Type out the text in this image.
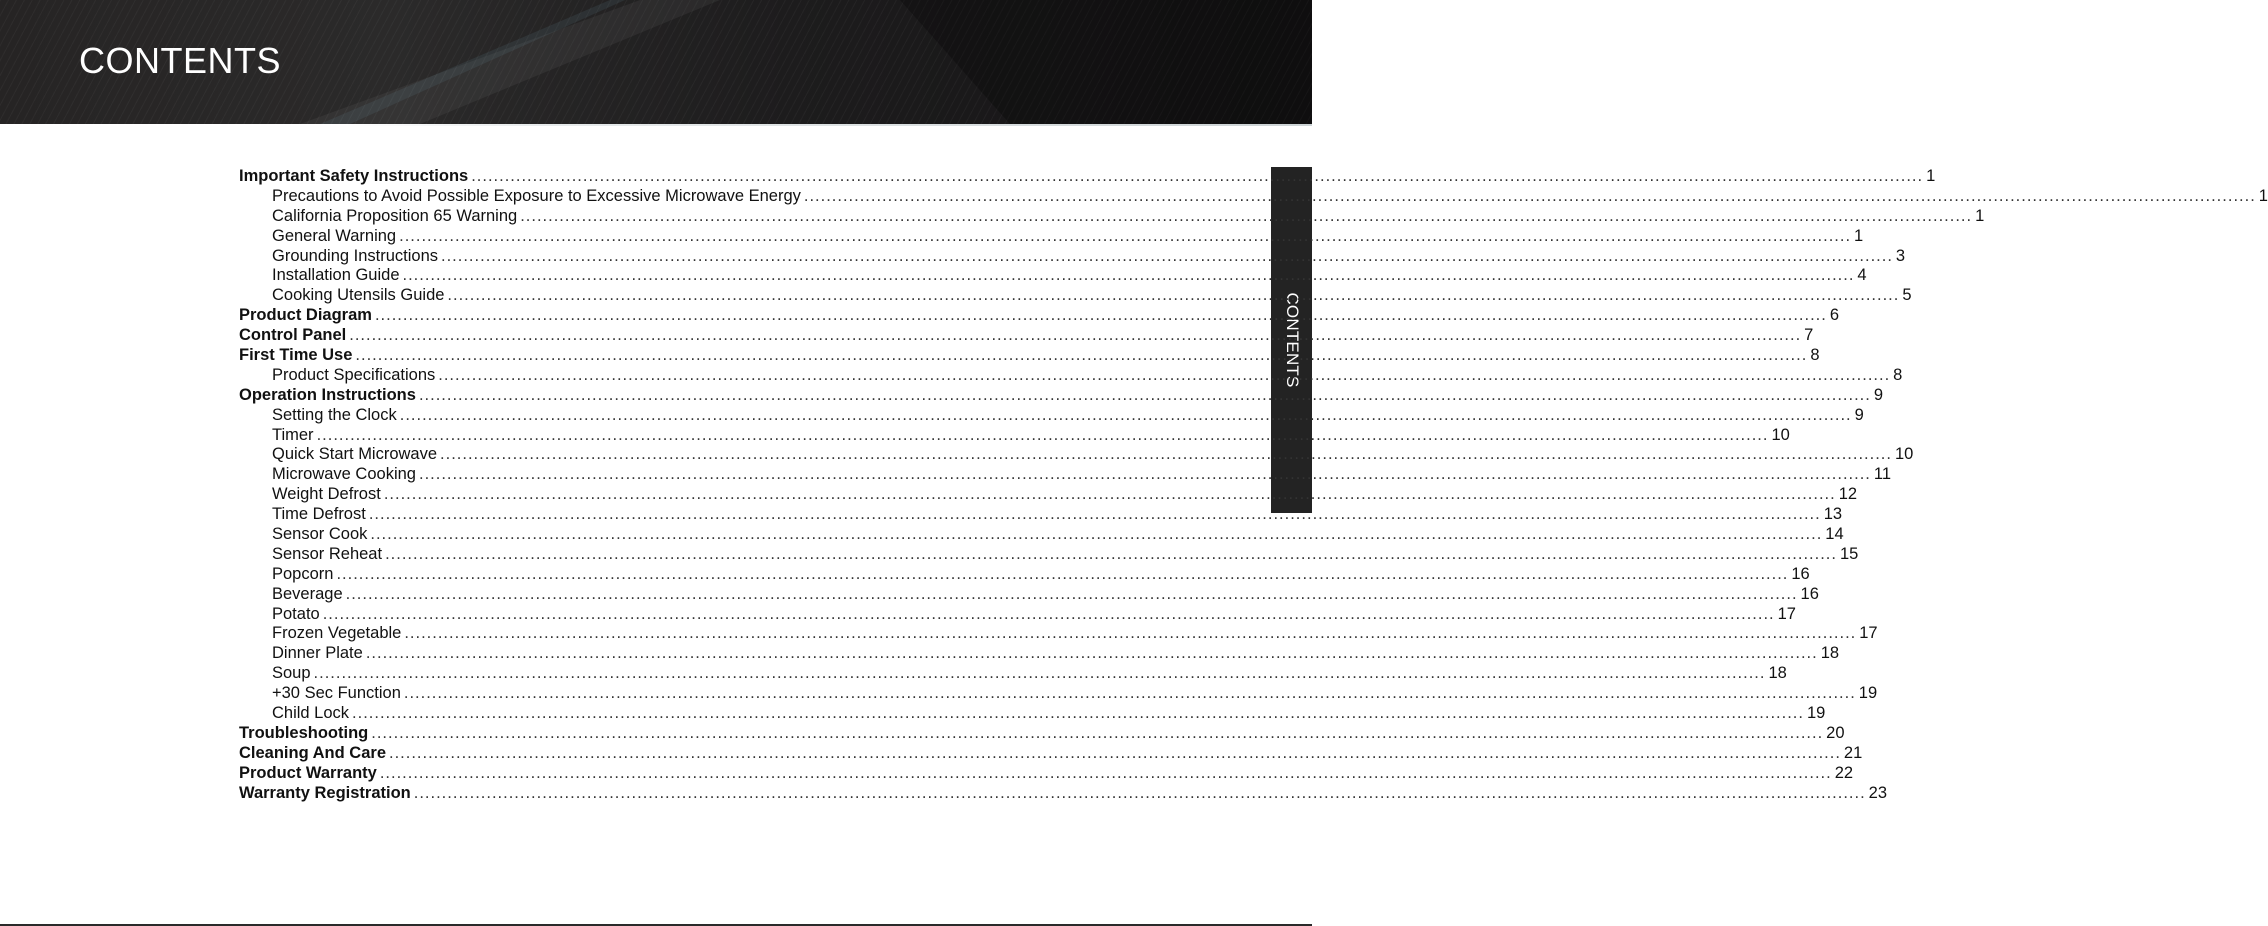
CONTENTS
CONTENTS
Important Safety Instructions .................................................................................................................................................................................................................................................................... 1
Precautions to Avoid Possible Exposure to Excessive Microwave Energy .................................................................................................................................................................................................................................................................... 1
California Proposition 65 Warning .................................................................................................................................................................................................................................................................... 1
General Warning .................................................................................................................................................................................................................................................................... 1
Grounding Instructions .................................................................................................................................................................................................................................................................... 3
Installation Guide .................................................................................................................................................................................................................................................................... 4
Cooking Utensils Guide .................................................................................................................................................................................................................................................................... 5
Product Diagram .................................................................................................................................................................................................................................................................... 6
Control Panel .................................................................................................................................................................................................................................................................... 7
First Time Use .................................................................................................................................................................................................................................................................... 8
Product Specifications .................................................................................................................................................................................................................................................................... 8
Operation Instructions .................................................................................................................................................................................................................................................................... 9
Setting the Clock .................................................................................................................................................................................................................................................................... 9
Timer .................................................................................................................................................................................................................................................................... 10
Quick Start Microwave .................................................................................................................................................................................................................................................................... 10
Microwave Cooking .................................................................................................................................................................................................................................................................... 11
Weight Defrost .................................................................................................................................................................................................................................................................... 12
Time Defrost .................................................................................................................................................................................................................................................................... 13
Sensor Cook .................................................................................................................................................................................................................................................................... 14
Sensor Reheat .................................................................................................................................................................................................................................................................... 15
Popcorn .................................................................................................................................................................................................................................................................... 16
Beverage .................................................................................................................................................................................................................................................................... 16
Potato .................................................................................................................................................................................................................................................................... 17
Frozen Vegetable .................................................................................................................................................................................................................................................................... 17
Dinner Plate .................................................................................................................................................................................................................................................................... 18
Soup .................................................................................................................................................................................................................................................................... 18
+30 Sec Function .................................................................................................................................................................................................................................................................... 19
Child Lock .................................................................................................................................................................................................................................................................... 19
Troubleshooting .................................................................................................................................................................................................................................................................... 20
Cleaning And Care .................................................................................................................................................................................................................................................................... 21
Product Warranty .................................................................................................................................................................................................................................................................... 22
Warranty Registration .................................................................................................................................................................................................................................................................... 23
